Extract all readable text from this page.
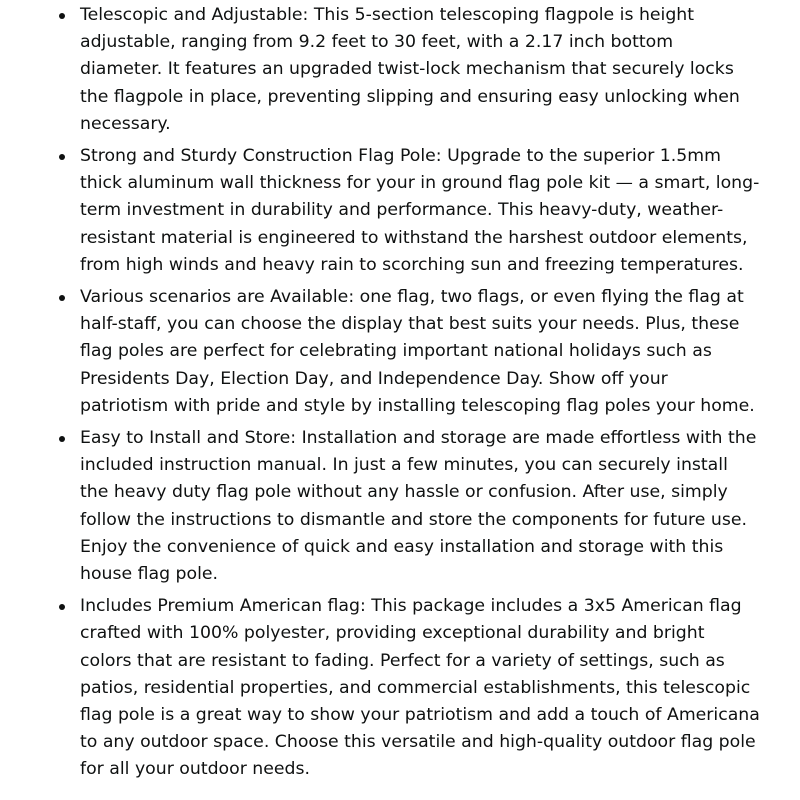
Telescopic and Adjustable: This 5-section telescoping flagpole is height adjustable, ranging from 9.2 feet to 30 feet, with a 2.17 inch bottom diameter. It features an upgraded twist-lock mechanism that securely locks the flagpole in place, preventing slipping and ensuring easy unlocking when necessary.
Strong and Sturdy Construction Flag Pole: Upgrade to the superior 1.5mm thick aluminum wall thickness for your in ground flag pole kit — a smart, long-term investment in durability and performance. This heavy-duty, weather-resistant material is engineered to withstand the harshest outdoor elements, from high winds and heavy rain to scorching sun and freezing temperatures.
Various scenarios are Available: one flag, two flags, or even flying the flag at half-staff, you can choose the display that best suits your needs. Plus, these flag poles are perfect for celebrating important national holidays such as Presidents Day, Election Day, and Independence Day. Show off your patriotism with pride and style by installing telescoping flag poles your home.
Easy to Install and Store: Installation and storage are made effortless with the included instruction manual. In just a few minutes, you can securely install the heavy duty flag pole without any hassle or confusion. After use, simply follow the instructions to dismantle and store the components for future use. Enjoy the convenience of quick and easy installation and storage with this house flag pole.
Includes Premium American flag: This package includes a 3x5 American flag crafted with 100% polyester, providing exceptional durability and bright colors that are resistant to fading. Perfect for a variety of settings, such as patios, residential properties, and commercial establishments, this telescopic flag pole is a great way to show your patriotism and add a touch of Americana to any outdoor space. Choose this versatile and high-quality outdoor flag pole for all your outdoor needs.
